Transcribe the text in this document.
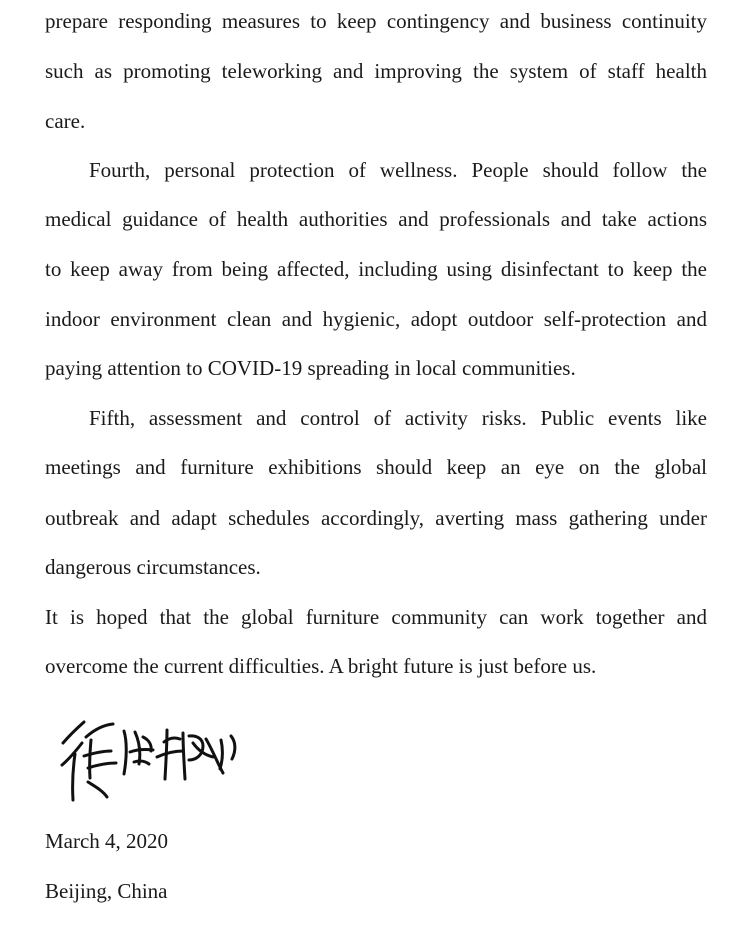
prepare responding measures to keep contingency and business continuity
such as promoting teleworking and improving the system of staff health
care.
Fourth, personal protection of wellness. People should follow the
medical guidance of health authorities and professionals and take actions
to keep away from being affected, including using disinfectant to keep the
indoor environment clean and hygienic, adopt outdoor self-protection and
paying attention to COVID-19 spreading in local communities.
Fifth, assessment and control of activity risks. Public events like
meetings and furniture exhibitions should keep an eye on the global
outbreak and adapt schedules accordingly, averting mass gathering under
dangerous circumstances.
It is hoped that the global furniture community can work together and
overcome the current difficulties. A bright future is just before us.
March 4, 2020
Beijing, China
